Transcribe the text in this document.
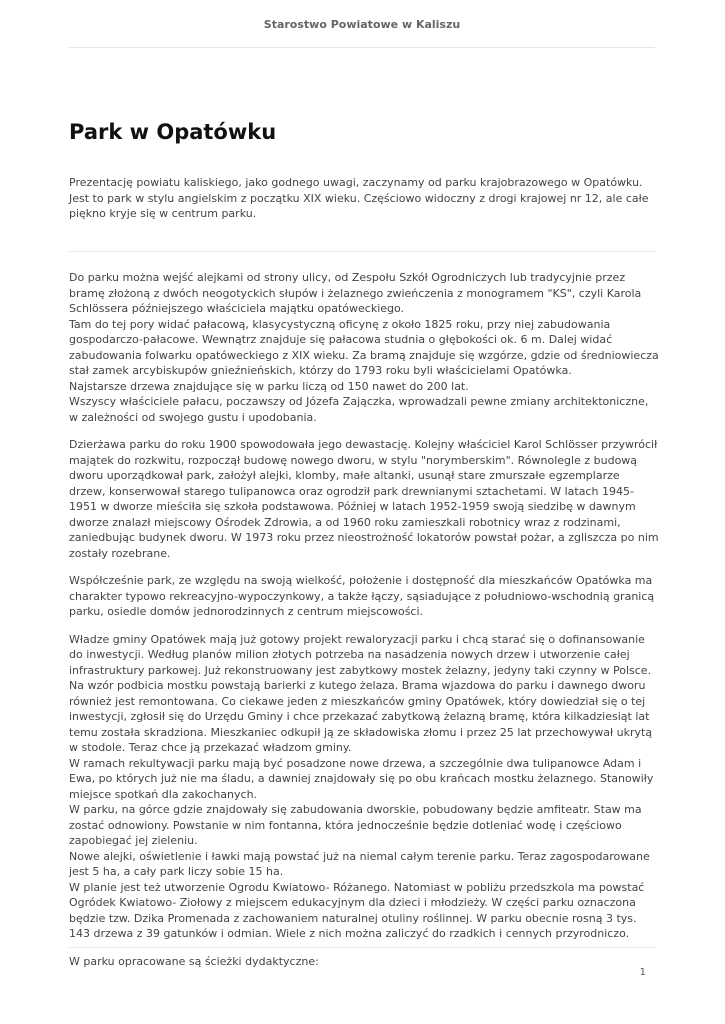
Starostwo Powiatowe w Kaliszu
Park w Opatówku

Prezentację powiatu kaliskiego, jako godnego uwagi, zaczynamy od parku krajobrazowego w Opatówku. Jest to park w stylu angielskim z początku XIX wieku. Częściowo widoczny z drogi krajowej nr 12, ale całe piękno kryje się w centrum parku.

Do parku można wejść alejkami od strony ulicy, od Zespołu Szkół Ogrodniczych lub tradycyjnie przez bramę złożoną z dwóch neogotyckich słupów i żelaznego zwieńczenia z monogramem "KS", czyli Karola Schlössera późniejszego właściciela majątku opatóweckiego.
Tam do tej pory widać pałacową, klasycystyczną oficynę z około 1825 roku, przy niej zabudowania gospodarczo-pałacowe. Wewnątrz znajduje się pałacowa studnia o głębokości ok. 6 m. Dalej widać zabudowania folwarku opatóweckiego z XIX wieku. Za bramą znajduje się wzgórze, gdzie od średniowiecza stał zamek arcybiskupów gnieźnieńskich, którzy do 1793 roku byli właścicielami Opatówka.
Najstarsze drzewa znajdujące się w parku liczą od 150 nawet do 200 lat.
Wszyscy właściciele pałacu, poczawszy od Józefa Zajączka, wprowadzali pewne zmiany architektoniczne, w zależności od swojego gustu i upodobania.

Dzierżawa parku do roku 1900 spowodowała jego dewastację. Kolejny właściciel Karol Schlösser przywrócił majątek do rozkwitu, rozpoczął budowę nowego dworu, w stylu "norymberskim". Równolegle z budową dworu uporządkował park, założył alejki, klomby, małe altanki, usunął stare zmurszałe egzemplarze drzew, konserwował starego tulipanowca oraz ogrodził park drewnianymi sztachetami. W latach 1945-1951 w dworze mieściła się szkoła podstawowa. Później w latach 1952-1959 swoją siedzibę w dawnym dworze znalazł miejscowy Ośrodek Zdrowia, a od 1960 roku zamieszkali robotnicy wraz z rodzinami, zaniedbując budynek dworu. W 1973 roku przez nieostrożność lokatorów powstał pożar, a zgliszcza po nim zostały rozebrane.

Współcześnie park, ze względu na swoją wielkość, położenie i dostępność dla mieszkańców Opatówka ma charakter typowo rekreacyjno-wypoczynkowy, a także łączy, sąsiadujące z południowo-wschodnią granicą parku, osiedle domów jednorodzinnych z centrum miejscowości.

Władze gminy Opatówek mają już gotowy projekt rewaloryzacji parku i chcą starać się o dofinansowanie do inwestycji. Według planów milion złotych potrzeba na nasadzenia nowych drzew i utworzenie całej infrastruktury parkowej. Już rekonstruowany jest zabytkowy mostek żelazny, jedyny taki czynny w Polsce. Na wzór podbicia mostku powstają barierki z kutego żelaza. Brama wjazdowa do parku i dawnego dworu również jest remontowana. Co ciekawe jeden z mieszkańców gminy Opatówek, który dowiedział się o tej inwestycji, zgłosił się do Urzędu Gminy i chce przekazać zabytkową żelazną bramę, która kilkadziesiąt lat temu została skradziona. Mieszkaniec odkupił ją ze składowiska złomu i przez 25 lat przechowywał ukrytą w stodole. Teraz chce ją przekazać władzom gminy.
W ramach rekultywacji parku mają być posadzone nowe drzewa, a szczególnie dwa tulipanowce Adam i Ewa, po których już nie ma śladu, a dawniej znajdowały się po obu krańcach mostku żelaznego. Stanowiły miejsce spotkań dla zakochanych.
W parku, na górce gdzie znajdowały się zabudowania dworskie, pobudowany będzie amfiteatr. Staw ma zostać odnowiony. Powstanie w nim fontanna, która jednocześnie będzie dotleniać wodę i częściowo zapobiegać jej zieleniu.
Nowe alejki, oświetlenie i ławki mają powstać już na niemal całym terenie parku. Teraz zagospodarowane jest 5 ha, a cały park liczy sobie 15 ha.
W planie jest też utworzenie Ogrodu Kwiatowo- Różanego. Natomiast w pobliżu przedszkola ma powstać Ogródek Kwiatowo- Ziołowy z miejscem edukacyjnym dla dzieci i młodzieży. W części parku oznaczona będzie tzw. Dzika Promenada z zachowaniem naturalnej otuliny roślinnej. W parku obecnie rosną 3 tys. 143 drzewa z 39 gatunków i odmian. Wiele z nich można zaliczyć do rzadkich i cennych przyrodniczo.

W parku opracowane są ścieżki dydaktyczne:

1
